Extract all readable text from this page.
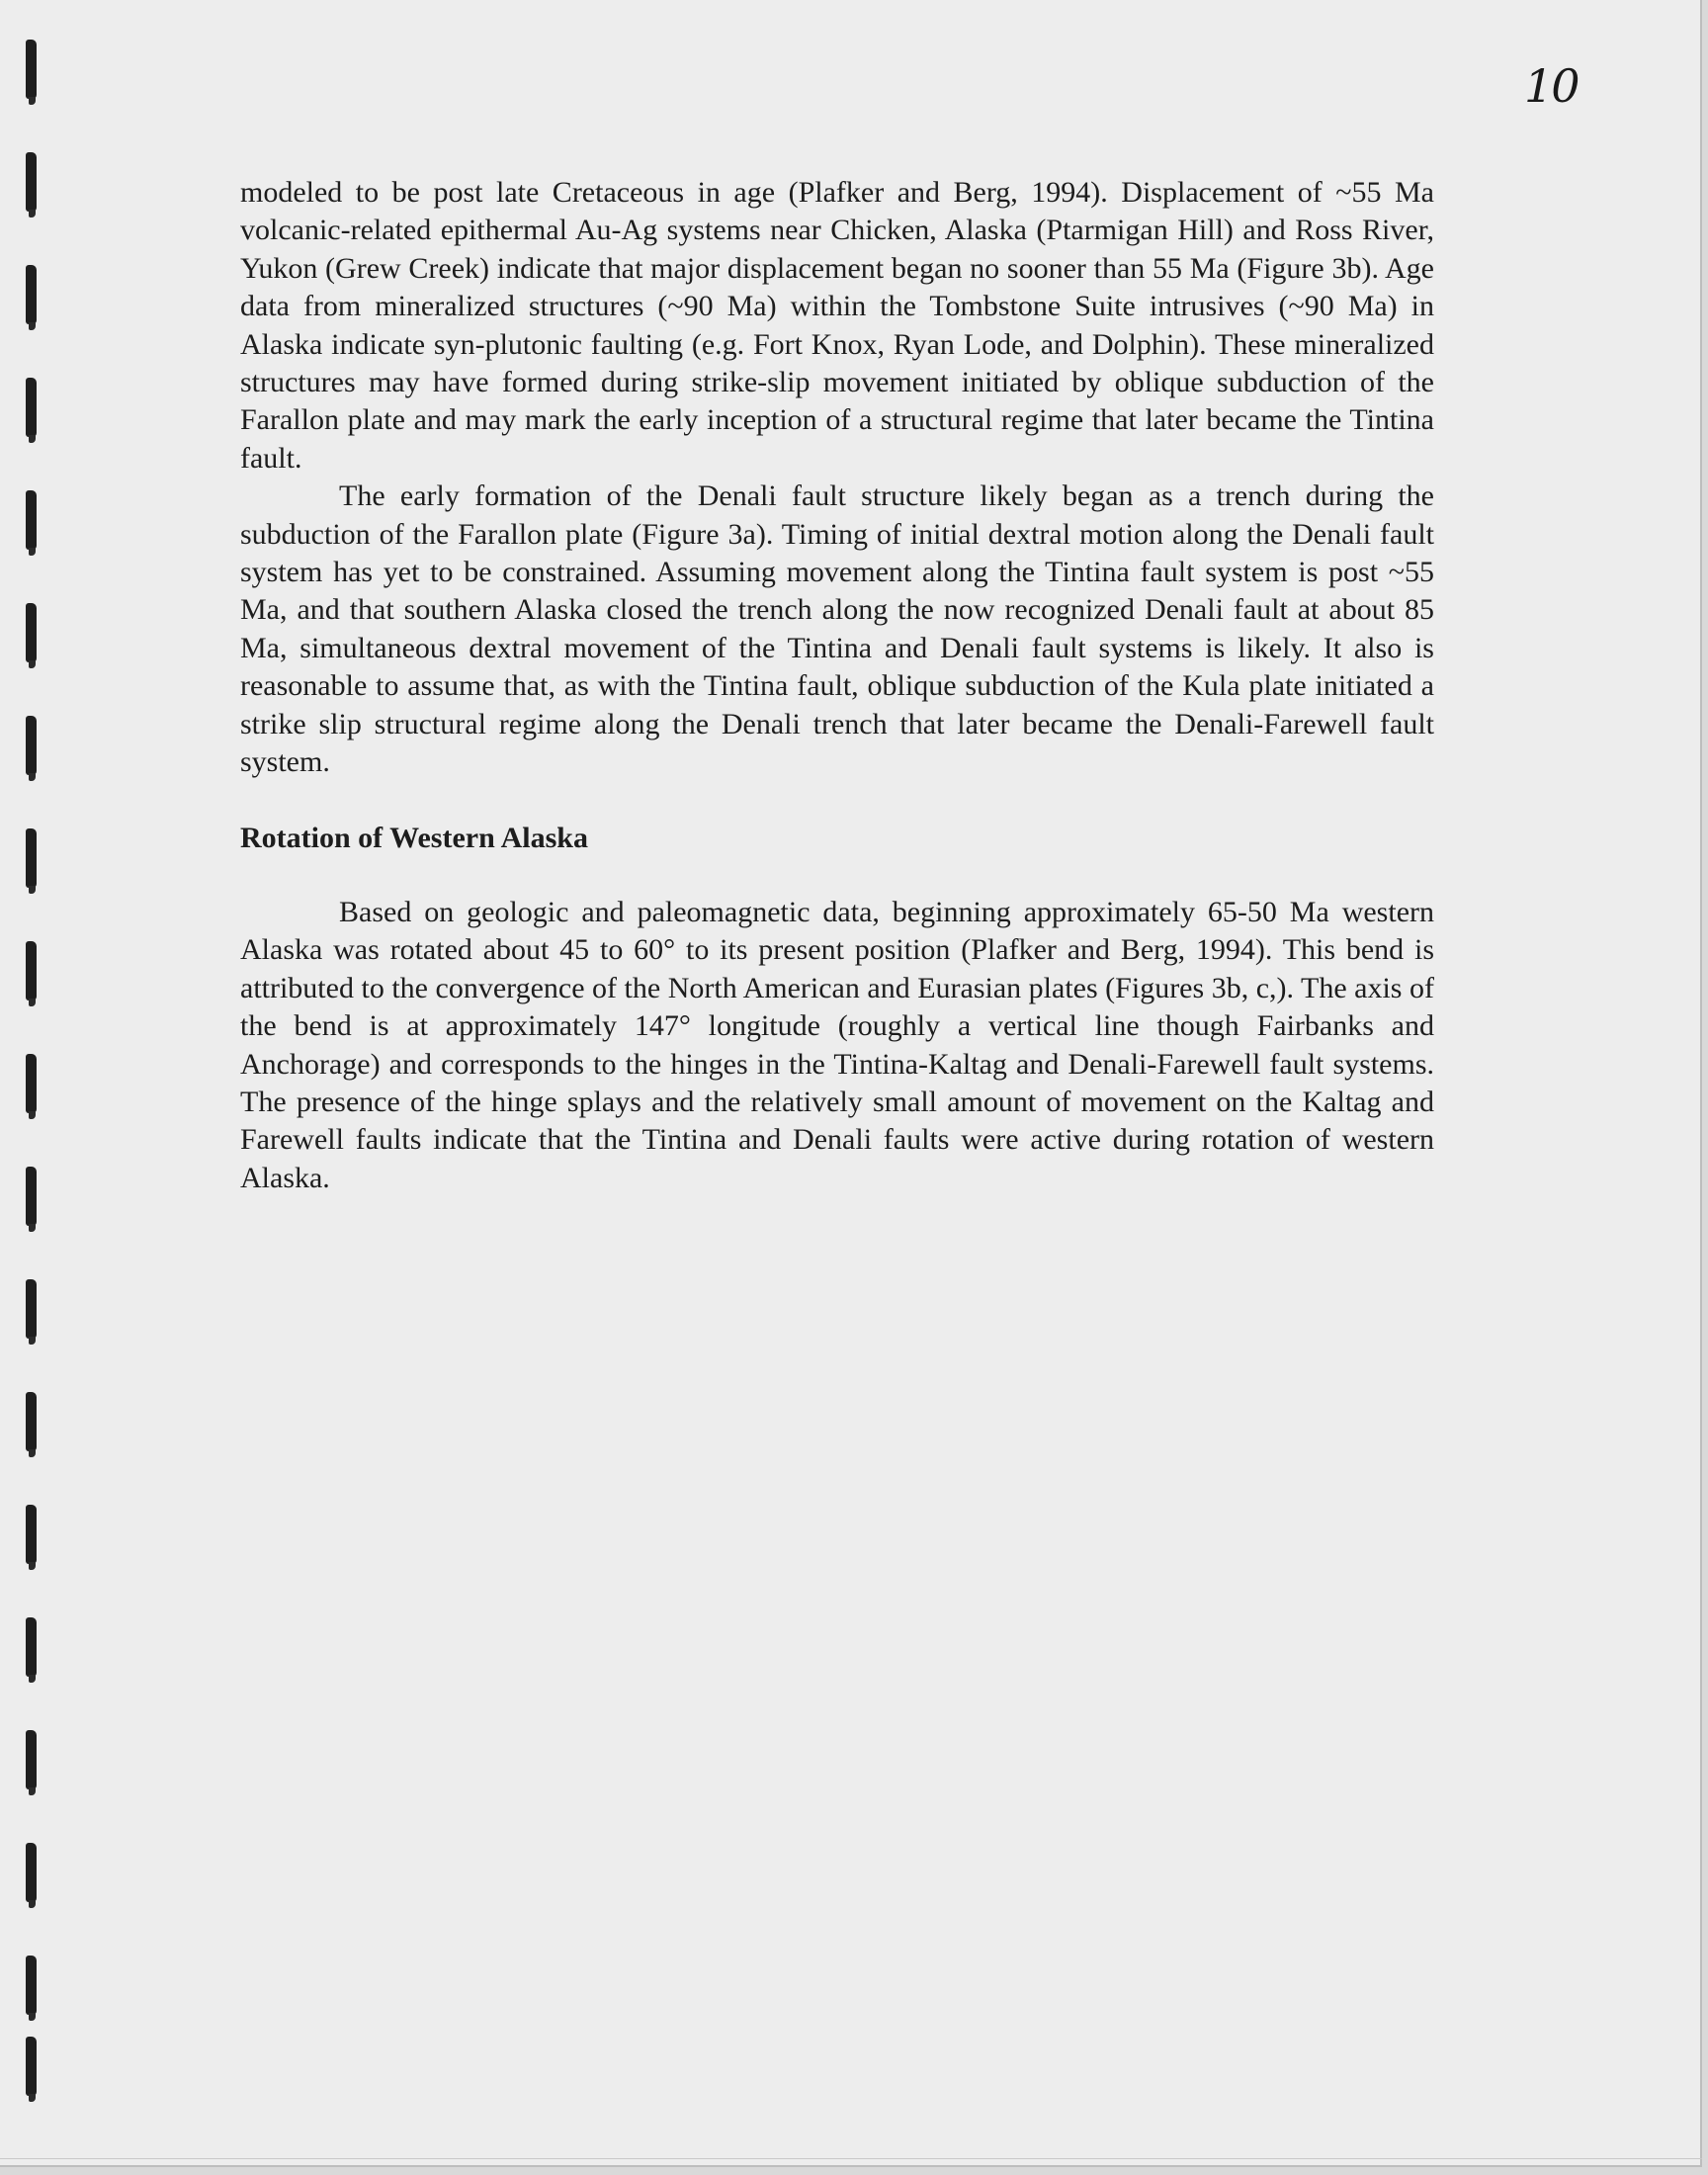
10

modeled to be post late Cretaceous in age (Plafker and Berg, 1994). Displacement of ~55 Ma volcanic-related epithermal Au-Ag systems near Chicken, Alaska (Ptarmigan Hill) and Ross River, Yukon (Grew Creek) indicate that major displacement began no sooner than 55 Ma (Figure 3b). Age data from mineralized structures (~90 Ma) within the Tombstone Suite intrusives (~90 Ma) in Alaska indicate syn-plutonic faulting (e.g. Fort Knox, Ryan Lode, and Dolphin). These mineralized structures may have formed during strike-slip movement initiated by oblique subduction of the Farallon plate and may mark the early inception of a structural regime that later became the Tintina fault.

The early formation of the Denali fault structure likely began as a trench during the subduction of the Farallon plate (Figure 3a). Timing of initial dextral motion along the Denali fault system has yet to be constrained. Assuming movement along the Tintina fault system is post ~55 Ma, and that southern Alaska closed the trench along the now recognized Denali fault at about 85 Ma, simultaneous dextral movement of the Tintina and Denali fault systems is likely. It also is reasonable to assume that, as with the Tintina fault, oblique subduction of the Kula plate initiated a strike slip structural regime along the Denali trench that later became the Denali-Farewell fault system.

Rotation of Western Alaska

Based on geologic and paleomagnetic data, beginning approximately 65-50 Ma western Alaska was rotated about 45 to 60° to its present position (Plafker and Berg, 1994). This bend is attributed to the convergence of the North American and Eurasian plates (Figures 3b, c,). The axis of the bend is at approximately 147° longitude (roughly a vertical line though Fairbanks and Anchorage) and corresponds to the hinges in the Tintina-Kaltag and Denali-Farewell fault systems. The presence of the hinge splays and the relatively small amount of movement on the Kaltag and Farewell faults indicate that the Tintina and Denali faults were active during rotation of western Alaska.
